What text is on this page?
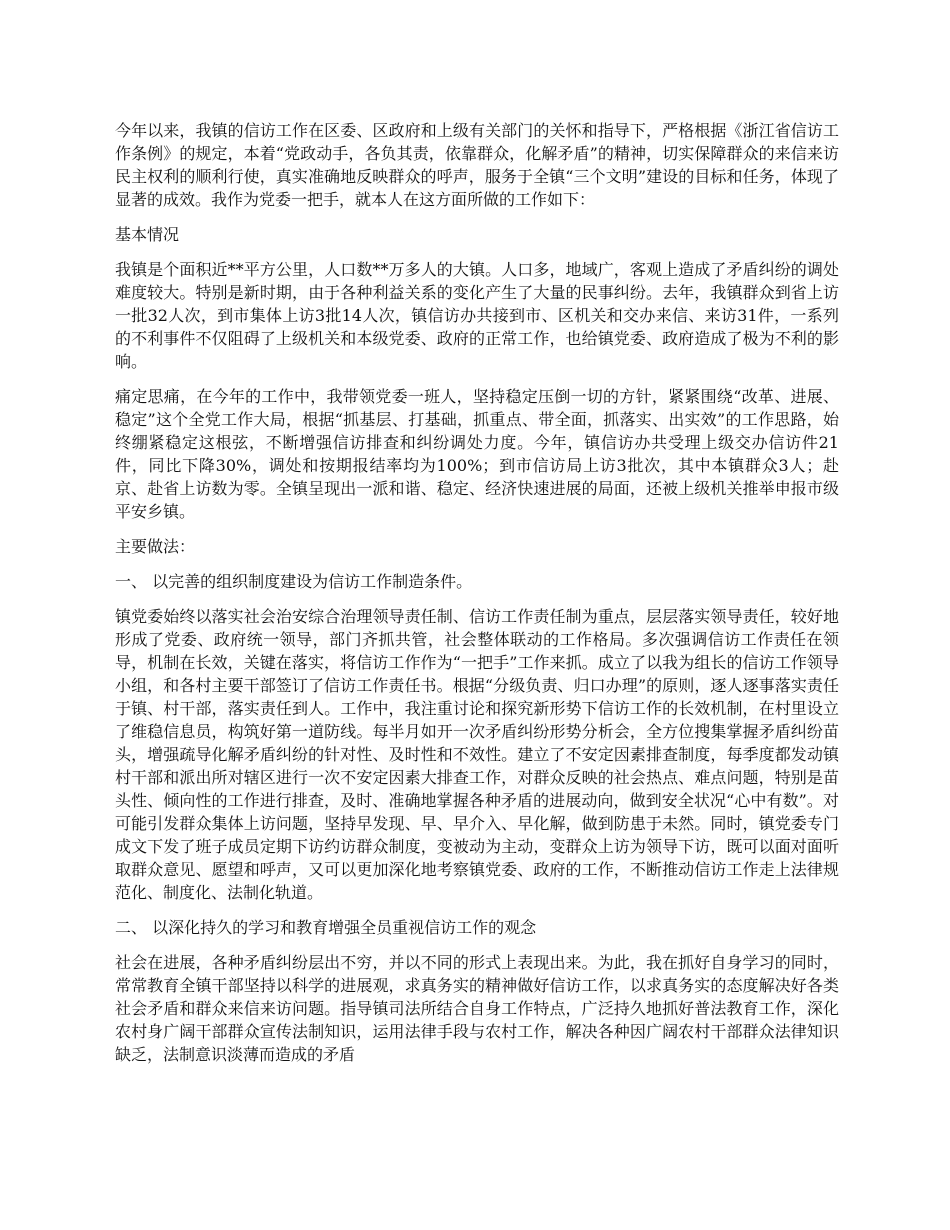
今年以来，我镇的信访工作在区委、区政府和上级有关部门的关怀和指导下，严格根据《浙江省信访工作条例》的规定，本着“党政动手，各负其责，依靠群众，化解矛盾”的精神，切实保障群众的来信来访民主权利的顺利行使，真实准确地反映群众的呼声，服务于全镇“三个文明”建设的目标和任务，体现了显著的成效。我作为党委一把手，就本人在这方面所做的工作如下：

基本情况

我镇是个面积近**平方公里，人口数**万多人的大镇。人口多，地域广，客观上造成了矛盾纠纷的调处难度较大。特别是新时期，由于各种利益关系的变化产生了大量的民事纠纷。去年，我镇群众到省上访一批32人次，到市集体上访3批14人次，镇信访办共接到市、区机关和交办来信、来访31件，一系列的不利事件不仅阻碍了上级机关和本级党委、政府的正常工作，也给镇党委、政府造成了极为不利的影响。

痛定思痛，在今年的工作中，我带领党委一班人，坚持稳定压倒一切的方针，紧紧围绕“改革、进展、稳定”这个全党工作大局，根据“抓基层、打基础，抓重点、带全面，抓落实、出实效”的工作思路，始终绷紧稳定这根弦，不断增强信访排查和纠纷调处力度。今年，镇信访办共受理上级交办信访件21件，同比下降30%，调处和按期报结率均为100%；到市信访局上访3批次，其中本镇群众3人；赴京、赴省上访数为零。全镇呈现出一派和谐、稳定、经济快速进展的局面，还被上级机关推举申报市级平安乡镇。

主要做法：

一、 以完善的组织制度建设为信访工作制造条件。

镇党委始终以落实社会治安综合治理领导责任制、信访工作责任制为重点，层层落实领导责任，较好地形成了党委、政府统一领导，部门齐抓共管，社会整体联动的工作格局。多次强调信访工作责任在领导，机制在长效，关键在落实，将信访工作作为“一把手”工作来抓。成立了以我为组长的信访工作领导小组，和各村主要干部签订了信访工作责任书。根据“分级负责、归口办理”的原则，逐人逐事落实责任于镇、村干部，落实责任到人。工作中，我注重讨论和探究新形势下信访工作的长效机制，在村里设立了维稳信息员，构筑好第一道防线。每半月如开一次矛盾纠纷形势分析会，全方位搜集掌握矛盾纠纷苗头，增强疏导化解矛盾纠纷的针对性、及时性和不效性。建立了不安定因素排查制度，每季度都发动镇村干部和派出所对辖区进行一次不安定因素大排查工作，对群众反映的社会热点、难点问题，特别是苗头性、倾向性的工作进行排查，及时、准确地掌握各种矛盾的进展动向，做到安全状况“心中有数”。对可能引发群众集体上访问题，坚持早发现、早、早介入、早化解，做到防患于未然。同时，镇党委专门成文下发了班子成员定期下访约访群众制度，变被动为主动，变群众上访为领导下访，既可以面对面听取群众意见、愿望和呼声，又可以更加深化地考察镇党委、政府的工作，不断推动信访工作走上法律规范化、制度化、法制化轨道。

二、 以深化持久的学习和教育增强全员重视信访工作的观念

社会在进展，各种矛盾纠纷层出不穷，并以不同的形式上表现出来。为此，我在抓好自身学习的同时，常常教育全镇干部坚持以科学的进展观，求真务实的精神做好信访工作，以求真务实的态度解决好各类社会矛盾和群众来信来访问题。指导镇司法所结合自身工作特点，广泛持久地抓好普法教育工作，深化农村身广阔干部群众宣传法制知识，运用法律手段与农村工作，解决各种因广阔农村干部群众法律知识缺乏，法制意识淡薄而造成的矛盾
